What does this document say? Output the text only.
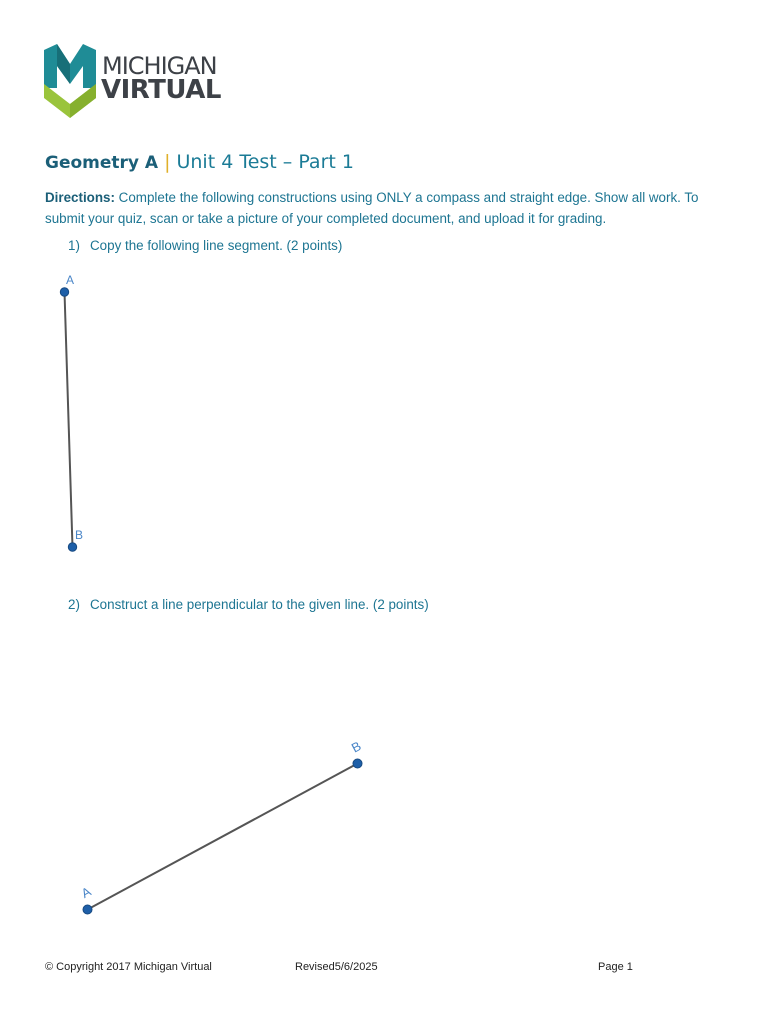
MICHIGAN
VIRTUAL
Geometry A | Unit 4 Test – Part 1
Directions: Complete the following constructions using ONLY a compass and straight edge. Show all work. To submit your quiz, scan or take a picture of your completed document, and upload it for grading.
1) Copy the following line segment. (2 points)
A
B
2) Construct a line perpendicular to the given line. (2 points)
A
B
© Copyright 2017 Michigan Virtual	Revised5/6/2025	Page 1
